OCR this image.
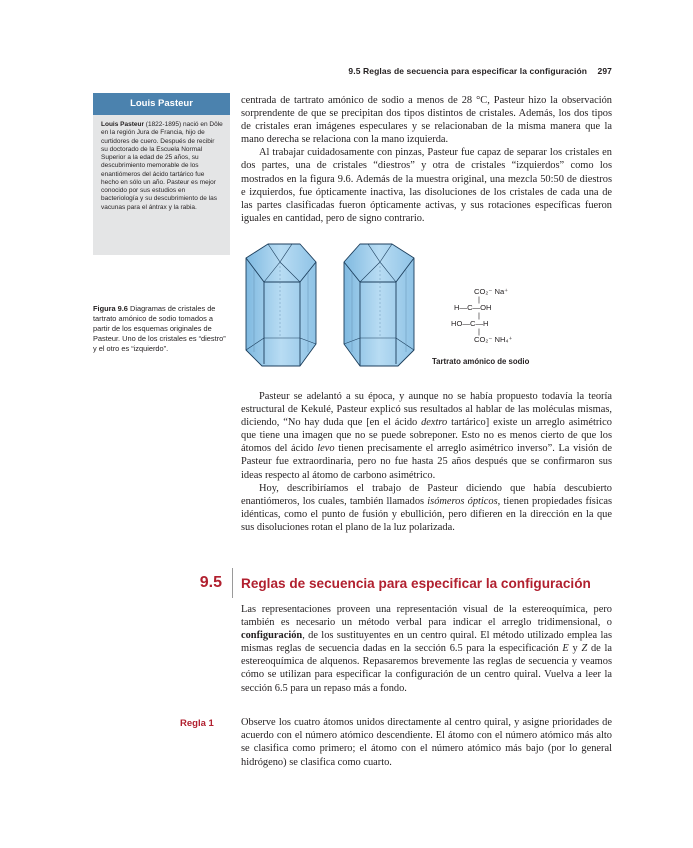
9.5 Reglas de secuencia para especificar la configuración 297
Louis Pasteur
Louis Pasteur (1822-1895) nació en Dôle en la región Jura de Francia, hijo de curtidores de cuero. Después de recibir su doctorado de la Escuela Normal Superior a la edad de 25 años, su descubrimiento memorable de los enantiómeros del ácido tartárico fue hecho en sólo un año. Pasteur es mejor conocido por sus estudios en bacteriología y su descubrimiento de las vacunas para el ántrax y la rabia.

centrada de tartrato amónico de sodio a menos de 28 °C, Pasteur hizo la observación sorprendente de que se precipitan dos tipos distintos de cristales. Además, los dos tipos de cristales eran imágenes especulares y se relacionaban de la misma manera que la mano derecha se relaciona con la mano izquierda.

Al trabajar cuidadosamente con pinzas, Pasteur fue capaz de separar los cristales en dos partes, una de cristales “diestros” y otra de cristales “izquierdos” como los mostrados en la figura 9.6. Además de la muestra original, una mezcla 50:50 de diestros e izquierdos, fue ópticamente inactiva, las disoluciones de los cristales de cada una de las partes clasificadas fueron ópticamente activas, y sus rotaciones específicas fueron iguales en cantidad, pero de signo contrario.

Figura 9.6 Diagramas de cristales de tartrato amónico de sodio tomados a partir de los esquemas originales de Pasteur. Uno de los cristales es “diestro” y el otro es “izquierdo”.
CO₂⁻ Na⁺
|
H—C—OH
|
HO—C—H
|
CO₂⁻ NH₄⁺
Tartrato amónico de sodio

Pasteur se adelantó a su época, y aunque no se había propuesto todavía la teoría estructural de Kekulé, Pasteur explicó sus resultados al hablar de las moléculas mismas, diciendo, “No hay duda que [en el ácido dextro tartárico] existe un arreglo asimétrico que tiene una imagen que no se puede sobreponer. Esto no es menos cierto de que los átomos del ácido levo tienen precisamente el arreglo asimétrico inverso”. La visión de Pasteur fue extraordinaria, pero no fue hasta 25 años después que se confirmaron sus ideas respecto al átomo de carbono asimétrico.

Hoy, describiríamos el trabajo de Pasteur diciendo que había descubierto enantiómeros, los cuales, también llamados isómeros ópticos, tienen propiedades físicas idénticas, como el punto de fusión y ebullición, pero difieren en la dirección en la que sus disoluciones rotan el plano de la luz polarizada.

9.5 Reglas de secuencia para especificar la configuración

Las representaciones proveen una representación visual de la estereoquímica, pero también es necesario un método verbal para indicar el arreglo tridimensional, o configuración, de los sustituyentes en un centro quiral. El método utilizado emplea las mismas reglas de secuencia dadas en la sección 6.5 para la especificación E y Z de la estereoquímica de alquenos. Repasaremos brevemente las reglas de secuencia y veamos cómo se utilizan para especificar la configuración de un centro quiral. Vuelva a leer la sección 6.5 para un repaso más a fondo.

Regla 1	Observe los cuatro átomos unidos directamente al centro quiral, y asigne prioridades de acuerdo con el número atómico descendiente. El átomo con el número atómico más alto se clasifica como primero; el átomo con el número atómico más bajo (por lo general hidrógeno) se clasifica como cuarto.
